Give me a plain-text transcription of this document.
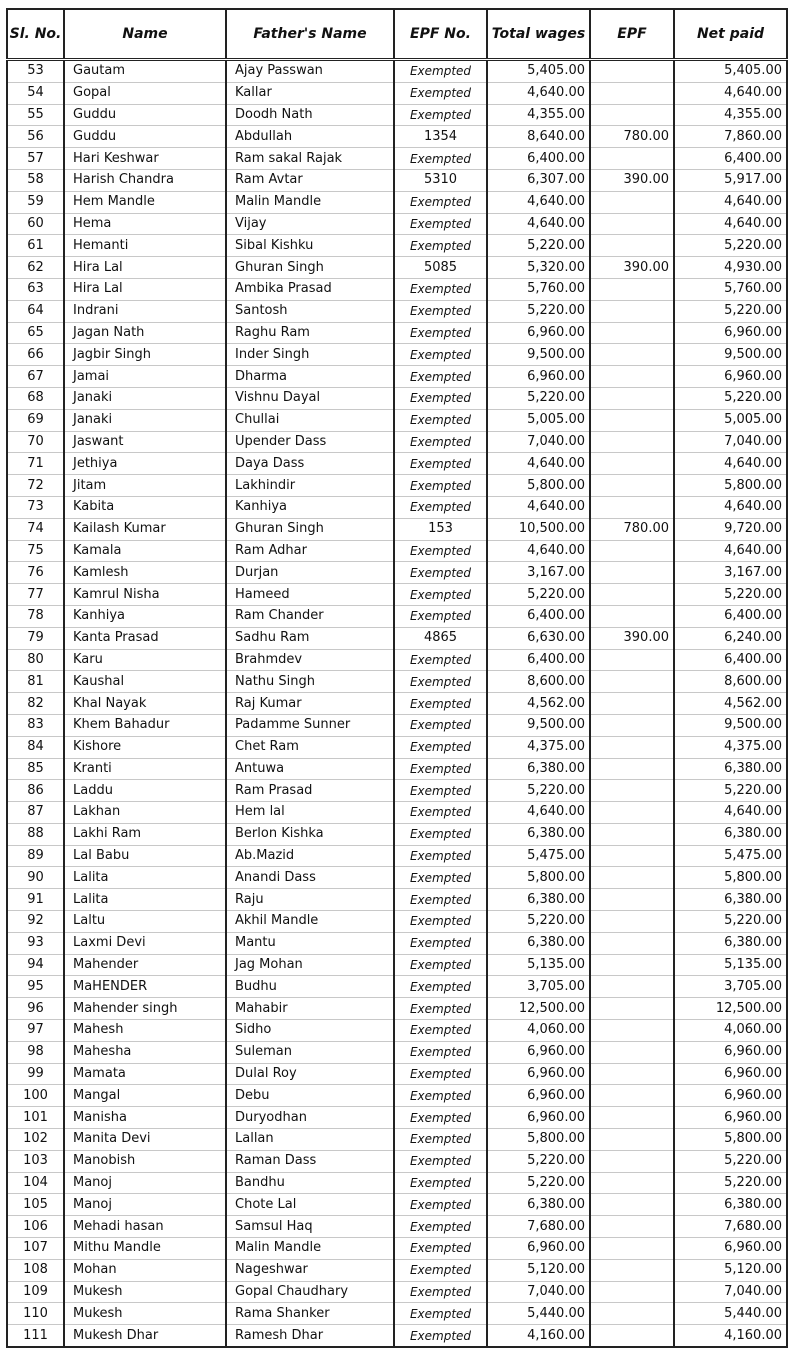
Sl. No.	Name	Father's Name	EPF No.	Total wages	EPF	Net paid
53	Gautam	Ajay Passwan	Exempted	5,405.00		5,405.00
54	Gopal	Kallar	Exempted	4,640.00		4,640.00
55	Guddu	Doodh Nath	Exempted	4,355.00		4,355.00
56	Guddu	Abdullah	1354	8,640.00	780.00	7,860.00
57	Hari Keshwar	Ram sakal Rajak	Exempted	6,400.00		6,400.00
58	Harish Chandra	Ram Avtar	5310	6,307.00	390.00	5,917.00
59	Hem Mandle	Malin Mandle	Exempted	4,640.00		4,640.00
60	Hema	Vijay	Exempted	4,640.00		4,640.00
61	Hemanti	Sibal Kishku	Exempted	5,220.00		5,220.00
62	Hira Lal	Ghuran Singh	5085	5,320.00	390.00	4,930.00
63	Hira Lal	Ambika Prasad	Exempted	5,760.00		5,760.00
64	Indrani	Santosh	Exempted	5,220.00		5,220.00
65	Jagan Nath	Raghu Ram	Exempted	6,960.00		6,960.00
66	Jagbir Singh	Inder Singh	Exempted	9,500.00		9,500.00
67	Jamai	Dharma	Exempted	6,960.00		6,960.00
68	Janaki	Vishnu Dayal	Exempted	5,220.00		5,220.00
69	Janaki	Chullai	Exempted	5,005.00		5,005.00
70	Jaswant	Upender Dass	Exempted	7,040.00		7,040.00
71	Jethiya	Daya Dass	Exempted	4,640.00		4,640.00
72	Jitam	Lakhindir	Exempted	5,800.00		5,800.00
73	Kabita	Kanhiya	Exempted	4,640.00		4,640.00
74	Kailash Kumar	Ghuran Singh	153	10,500.00	780.00	9,720.00
75	Kamala	Ram Adhar	Exempted	4,640.00		4,640.00
76	Kamlesh	Durjan	Exempted	3,167.00		3,167.00
77	Kamrul Nisha	Hameed	Exempted	5,220.00		5,220.00
78	Kanhiya	Ram Chander	Exempted	6,400.00		6,400.00
79	Kanta Prasad	Sadhu Ram	4865	6,630.00	390.00	6,240.00
80	Karu	Brahmdev	Exempted	6,400.00		6,400.00
81	Kaushal	Nathu Singh	Exempted	8,600.00		8,600.00
82	Khal Nayak	Raj Kumar	Exempted	4,562.00		4,562.00
83	Khem Bahadur	Padamme Sunner	Exempted	9,500.00		9,500.00
84	Kishore	Chet Ram	Exempted	4,375.00		4,375.00
85	Kranti	Antuwa	Exempted	6,380.00		6,380.00
86	Laddu	Ram Prasad	Exempted	5,220.00		5,220.00
87	Lakhan	Hem lal	Exempted	4,640.00		4,640.00
88	Lakhi Ram	Berlon Kishka	Exempted	6,380.00		6,380.00
89	Lal Babu	Ab.Mazid	Exempted	5,475.00		5,475.00
90	Lalita	Anandi Dass	Exempted	5,800.00		5,800.00
91	Lalita	Raju	Exempted	6,380.00		6,380.00
92	Laltu	Akhil Mandle	Exempted	5,220.00		5,220.00
93	Laxmi Devi	Mantu	Exempted	6,380.00		6,380.00
94	Mahender	Jag Mohan	Exempted	5,135.00		5,135.00
95	MaHENDER	Budhu	Exempted	3,705.00		3,705.00
96	Mahender singh	Mahabir	Exempted	12,500.00		12,500.00
97	Mahesh	Sidho	Exempted	4,060.00		4,060.00
98	Mahesha	Suleman	Exempted	6,960.00		6,960.00
99	Mamata	Dulal Roy	Exempted	6,960.00		6,960.00
100	Mangal	Debu	Exempted	6,960.00		6,960.00
101	Manisha	Duryodhan	Exempted	6,960.00		6,960.00
102	Manita Devi	Lallan	Exempted	5,800.00		5,800.00
103	Manobish	Raman Dass	Exempted	5,220.00		5,220.00
104	Manoj	Bandhu	Exempted	5,220.00		5,220.00
105	Manoj	Chote Lal	Exempted	6,380.00		6,380.00
106	Mehadi hasan	Samsul Haq	Exempted	7,680.00		7,680.00
107	Mithu Mandle	Malin Mandle	Exempted	6,960.00		6,960.00
108	Mohan	Nageshwar	Exempted	5,120.00		5,120.00
109	Mukesh	Gopal Chaudhary	Exempted	7,040.00		7,040.00
110	Mukesh	Rama Shanker	Exempted	5,440.00		5,440.00
111	Mukesh Dhar	Ramesh Dhar	Exempted	4,160.00		4,160.00
